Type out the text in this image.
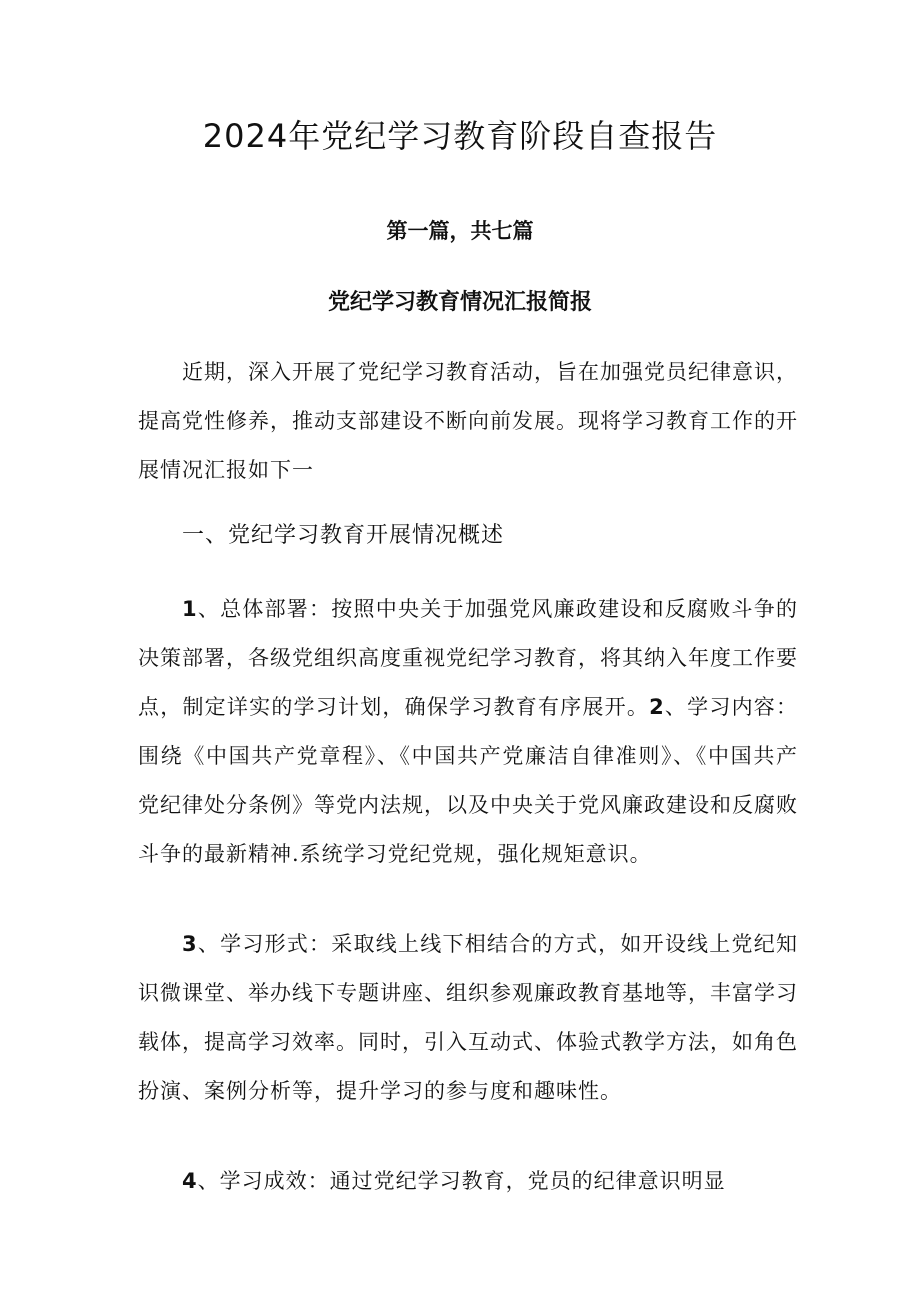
2024年党纪学习教育阶段自查报告
第一篇，共七篇
党纪学习教育情况汇报简报

近期，深入开展了党纪学习教育活动，旨在加强党员纪律意识，提高党性修养，推动支部建设不断向前发展。现将学习教育工作的开展情况汇报如下一

一、党纪学习教育开展情况概述

1、总体部署：按照中央关于加强党风廉政建设和反腐败斗争的决策部署，各级党组织高度重视党纪学习教育，将其纳入年度工作要点，制定详实的学习计划，确保学习教育有序展开。2、学习内容：围绕《中国共产党章程》、《中国共产党廉洁自律准则》、《中国共产党纪律处分条例》等党内法规，以及中央关于党风廉政建设和反腐败斗争的最新精神.系统学习党纪党规，强化规矩意识。

3、学习形式：采取线上线下相结合的方式，如开设线上党纪知识微课堂、举办线下专题讲座、组织参观廉政教育基地等，丰富学习载体，提高学习效率。同时，引入互动式、体验式教学方法，如角色扮演、案例分析等，提升学习的参与度和趣味性。

4、学习成效：通过党纪学习教育，党员的纪律意识明显
